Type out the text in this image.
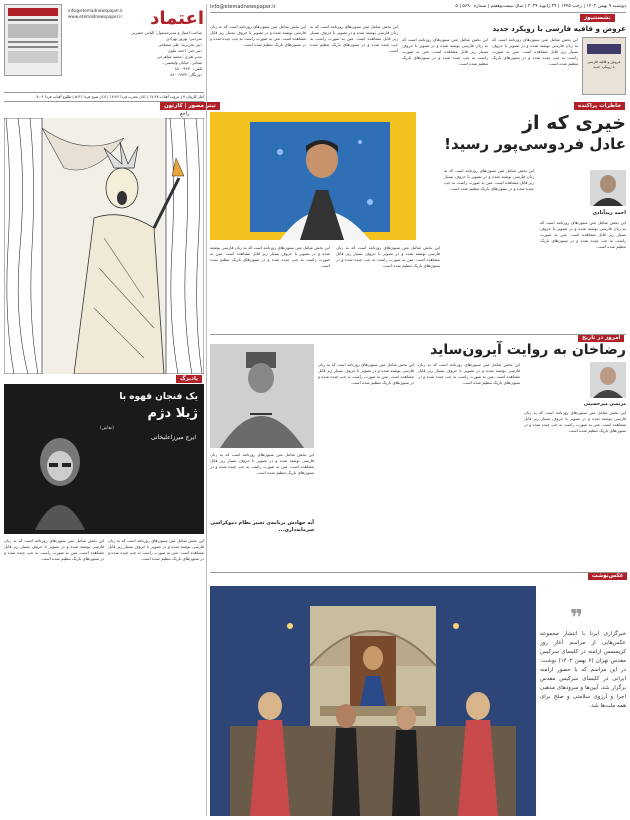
اعتماد
www.etemadnewspaper.ir
info@etemadnewspaper.ir
صاحب امتیاز و مدیرمسئول: الیاس حضرتی
سردبیر: بهروز بهزادی
دبیر تحریریه: علی مصلحی
دبیر خبر: احمد علوی
مدیر هنری: محمد شاهرخی
نشانی: خیابان ولیعصر...
تلفن: ۸۸۰۰۹۹۳۰
دورنگار: ۸۸۰۰۹۹۳۴
آغاز کاروان ۷ | غروب آفتاب ۱۷:۲۸ | اذان مغرب فردا ۱۷:۴۶ | اذان صبح فردا ۵:۳۱ | طلوع آفتاب فردا ۷:۰۴
info@etemadnewspaper.ir	دوشنبه ۹ بهمن ۱۴۰۲ | رجب ۱۴۴۵ | ۲۹ ژانویه ۲۰۲۴ | سال بیست‌وهفتم | شماره ۵۶۹۰ | ۵
نشستنیوز
عروض و قافیه فارسی با رویکرد جدید
عروض و قافیه فارسی با رویکرد جدید
این بخش شامل متن ستون‌های روزنامه است که به زبان فارسی نوشته شده و در تصویر با حروف بسیار ریز قابل مشاهده است. متن به صورت راست به چپ چیده شده و در ستون‌های باریک تنظیم شده است.
این بخش شامل متن ستون‌های روزنامه است که به زبان فارسی نوشته شده و در تصویر با حروف بسیار ریز قابل مشاهده است. متن به صورت راست به چپ چیده شده و در ستون‌های باریک تنظیم شده است.
این بخش شامل متن ستون‌های روزنامه است که به زبان فارسی نوشته شده و در تصویر با حروف بسیار ریز قابل مشاهده است. متن به صورت راست به چپ چیده شده و در ستون‌های باریک تنظیم شده است.
این بخش شامل متن ستون‌های روزنامه است که به زبان فارسی نوشته شده و در تصویر با حروف بسیار ریز قابل مشاهده است. متن به صورت راست به چپ چیده شده و در ستون‌های باریک تنظیم شده است.
تیتر مصور | کارتون
راجع
یادبرگ
یک فنجان قهوه با
ژیلا دژم
(نقاش)
ایرج میرزاعلیخانی
این بخش شامل متن ستون‌های روزنامه است که به زبان فارسی نوشته شده و در تصویر با حروف بسیار ریز قابل مشاهده است. متن به صورت راست به چپ چیده شده و در ستون‌های باریک تنظیم شده است.
این بخش شامل متن ستون‌های روزنامه است که به زبان فارسی نوشته شده و در تصویر با حروف بسیار ریز قابل مشاهده است. متن به صورت راست به چپ چیده شده و در ستون‌های باریک تنظیم شده است.
خاطرات پراکنده
خیری که از
عادل فردوسی‌پور رسید!
احمد زیدآبادی
این بخش شامل متن ستون‌های روزنامه است که به زبان فارسی نوشته شده و در تصویر با حروف بسیار ریز قابل مشاهده است. متن به صورت راست به چپ چیده شده و در ستون‌های باریک تنظیم شده است.
این بخش شامل متن ستون‌های روزنامه است که به زبان فارسی نوشته شده و در تصویر با حروف بسیار ریز قابل مشاهده است. متن به صورت راست به چپ چیده شده و در ستون‌های باریک تنظیم شده است.
این بخش شامل متن ستون‌های روزنامه است که به زبان فارسی نوشته شده و در تصویر با حروف بسیار ریز قابل مشاهده است. متن به صورت راست به چپ چیده شده و در ستون‌های باریک تنظیم شده است.
این بخش شامل متن ستون‌های روزنامه است که به زبان فارسی نوشته شده و در تصویر با حروف بسیار ریز قابل مشاهده است. متن به صورت راست به چپ چیده شده و در ستون‌های باریک تنظیم شده است.
امروز در تاریخ
رضاخان به روایت آیرون‌ساید
مرتضی میرحسینی
این بخش شامل متن ستون‌های روزنامه است که به زبان فارسی نوشته شده و در تصویر با حروف بسیار ریز قابل مشاهده است. متن به صورت راست به چپ چیده شده و در ستون‌های باریک تنظیم شده است.
این بخش شامل متن ستون‌های روزنامه است که به زبان فارسی نوشته شده و در تصویر با حروف بسیار ریز قابل مشاهده است. متن به صورت راست به چپ چیده شده و در ستون‌های باریک تنظیم شده است.
این بخش شامل متن ستون‌های روزنامه است که به زبان فارسی نوشته شده و در تصویر با حروف بسیار ریز قابل مشاهده است. متن به صورت راست به چپ چیده شده و در ستون‌های باریک تنظیم شده است.
این بخش شامل متن ستون‌های روزنامه است که به زبان فارسی نوشته شده و در تصویر با حروف بسیار ریز قابل مشاهده است. متن به صورت راست به چپ چیده شده و در ستون‌های باریک تنظیم شده است.
آیه جهاد‌ش برنامه‌ی تغییر نظام دموکراسی سرمایه‌داری...
عکس‌نوشت
❞
خبرگزاری ایرنا با انتشار مجموعه عکس‌هایی از مراسم آغاز روز کریسمس ارامنه در کلیسای سرکیس مقدس تهران (۷ بهمن ۱۴۰۲) نوشت: در این مراسم که با حضور ارامنه ایرانی در کلیسای سرکیس مقدس برگزار شد، آیین‌ها و سرودهای مذهبی اجرا و آرزوی سلامتی و صلح برای همه ملت‌ها شد.
